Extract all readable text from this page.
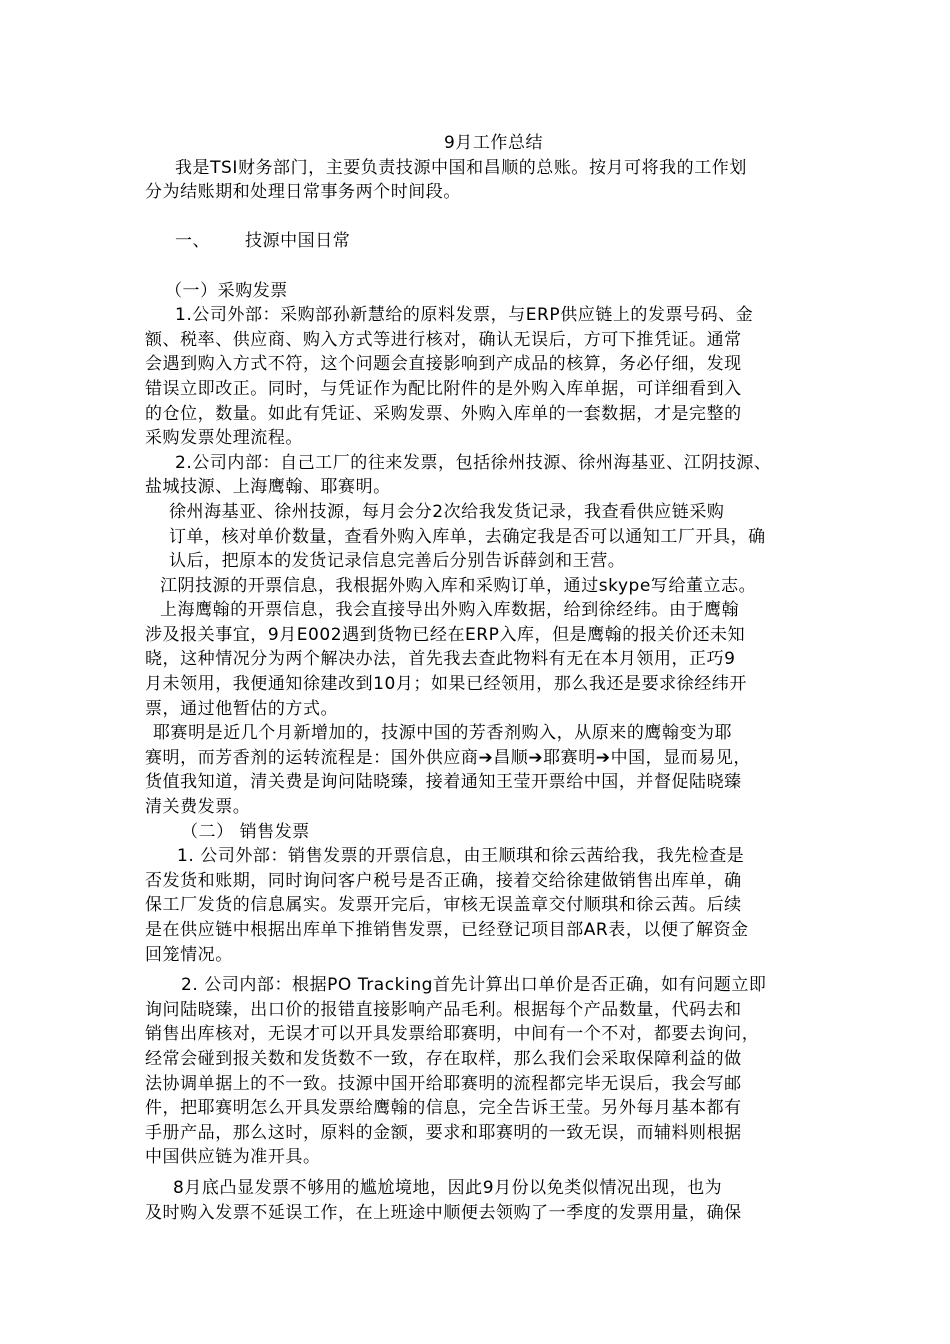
9月工作总结
我是TSI财务部门，主要负责技源中国和昌顺的总账。按月可将我的工作划
分为结账期和处理日常事务两个时间段。
一、 技源中国日常
（一）采购发票
1.公司外部：采购部孙新慧给的原料发票，与ERP供应链上的发票号码、金
额、税率、供应商、购入方式等进行核对，确认无误后，方可下推凭证。通常
会遇到购入方式不符，这个问题会直接影响到产成品的核算，务必仔细，发现
错误立即改正。同时，与凭证作为配比附件的是外购入库单据，可详细看到入
的仓位，数量。如此有凭证、采购发票、外购入库单的一套数据，才是完整的
采购发票处理流程。
2.公司内部：自己工厂的往来发票，包括徐州技源、徐州海基亚、江阴技源、
盐城技源、上海鹰翰、耶赛明。
徐州海基亚、徐州技源，每月会分2次给我发货记录，我查看供应链采购
订单，核对单价数量，查看外购入库单，去确定我是否可以通知工厂开具，确
认后，把原本的发货记录信息完善后分别告诉薛剑和王营。
江阴技源的开票信息，我根据外购入库和采购订单，通过skype写给董立志。
上海鹰翰的开票信息，我会直接导出外购入库数据，给到徐经纬。由于鹰翰
涉及报关事宜，9月E002遇到货物已经在ERP入库，但是鹰翰的报关价还未知
晓，这种情况分为两个解决办法，首先我去查此物料有无在本月领用，正巧9
月未领用，我便通知徐建改到10月；如果已经领用，那么我还是要求徐经纬开
票，通过他暂估的方式。
耶赛明是近几个月新增加的，技源中国的芳香剂购入，从原来的鹰翰变为耶
赛明，而芳香剂的运转流程是：国外供应商➔昌顺➔耶赛明➔中国，显而易见，
货值我知道，清关费是询问陆晓臻，接着通知王莹开票给中国，并督促陆晓臻
清关费发票。
（二） 销售发票
1. 公司外部：销售发票的开票信息，由王顺琪和徐云茜给我，我先检查是
否发货和账期，同时询问客户税号是否正确，接着交给徐建做销售出库单，确
保工厂发货的信息属实。发票开完后，审核无误盖章交付顺琪和徐云茜。后续
是在供应链中根据出库单下推销售发票，已经登记项目部AR表，以便了解资金
回笼情况。
2. 公司内部：根据PO Tracking首先计算出口单价是否正确，如有问题立即
询问陆晓臻，出口价的报错直接影响产品毛利。根据每个产品数量，代码去和
销售出库核对，无误才可以开具发票给耶赛明，中间有一个不对，都要去询问，
经常会碰到报关数和发货数不一致，存在取样，那么我们会采取保障利益的做
法协调单据上的不一致。技源中国开给耶赛明的流程都完毕无误后，我会写邮
件，把耶赛明怎么开具发票给鹰翰的信息，完全告诉王莹。另外每月基本都有
手册产品，那么这时，原料的金额，要求和耶赛明的一致无误，而辅料则根据
中国供应链为准开具。
8月底凸显发票不够用的尴尬境地，因此9月份以免类似情况出现，也为
及时购入发票不延误工作，在上班途中顺便去领购了一季度的发票用量，确保
